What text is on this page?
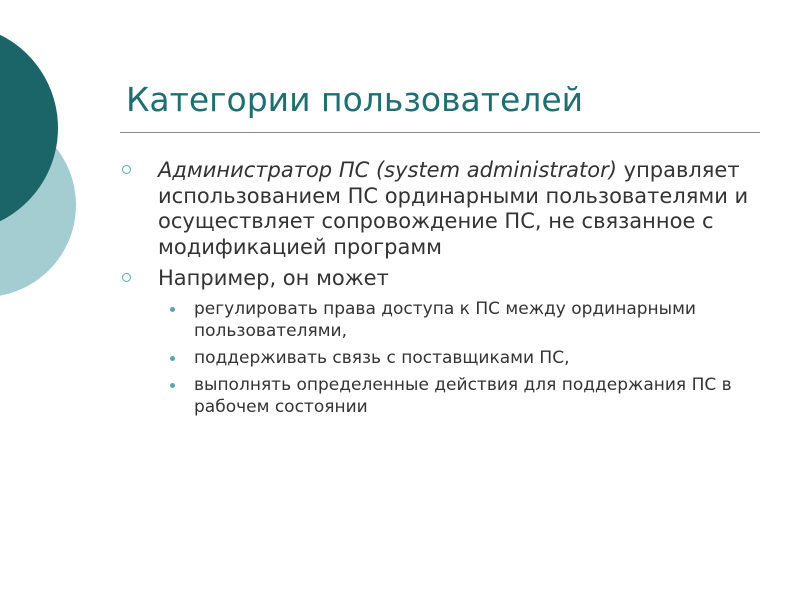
Категории пользователей
Администратор ПС (system administrator) управляет использованием ПС ординарными пользователями и осуществляет сопровождение ПС, не связанное с модификацией программ
Например, он может
регулировать права доступа к ПС между ординарными пользователями,
поддерживать связь с поставщиками ПС,
выполнять определенные действия для поддержания ПС в рабочем состоянии
